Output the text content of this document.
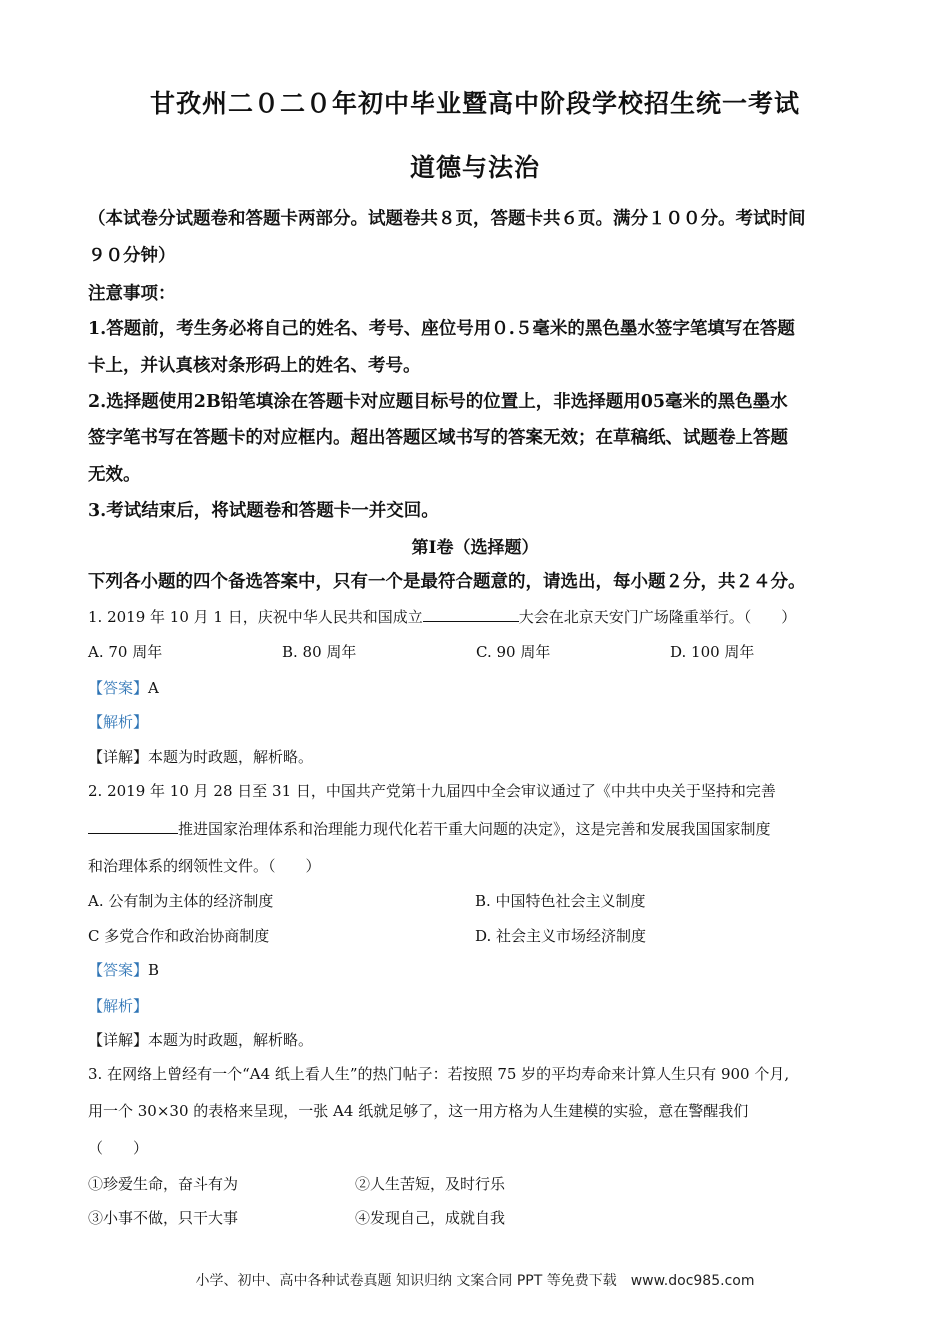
甘孜州二０二０年初中毕业暨高中阶段学校招生统一考试
道德与法治
（本试卷分试题卷和答题卡两部分。试题卷共８页，答题卡共６页。满分１００分。考试时间
９０分钟）
注意事项：
1.答题前，考生务必将自己的姓名、考号、座位号用０.５毫米的黑色墨水签字笔填写在答题
卡上，并认真核对条形码上的姓名、考号。
2.选择题使用2B铅笔填涂在答题卡对应题目标号的位置上，非选择题用05毫米的黑色墨水
签字笔书写在答题卡的对应框内。超出答题区域书写的答案无效；在草稿纸、试题卷上答题
无效。
3.考试结束后，将试题卷和答题卡一并交回。
第Ⅰ卷（选择题）
下列各小题的四个备选答案中，只有一个是最符合题意的，请选出，每小题２分，共２４分。
1. 2019 年 10 月 1 日，庆祝中华人民共和国成立	大会在北京天安门广场隆重举行。（　　）
A. 70 周年	B. 80 周年	C. 90 周年	D. 100 周年
【答案】A
【解析】
【详解】本题为时政题，解析略。
2. 2019 年 10 月 28 日至 31 日，中国共产党第十九届四中全会审议通过了《中共中央关于坚持和完善
推进国家治理体系和治理能力现代化若干重大问题的决定》，这是完善和发展我国国家制度
和治理体系的纲领性文件。（　　）
A. 公有制为主体的经济制度	B. 中国特色社会主义制度
C 多党合作和政治协商制度	D. 社会主义市场经济制度
【答案】B
【解析】
【详解】本题为时政题，解析略。
3. 在网络上曾经有一个“A4 纸上看人生”的热门帖子：若按照 75 岁的平均寿命来计算人生只有 900 个月,
用一个 30×30 的表格来呈现，一张 A4 纸就足够了，这一用方格为人生建模的实验，意在警醒我们
（　　）
①珍爱生命，奋斗有为	②人生苦短，及时行乐
③小事不做，只干大事	④发现自己，成就自我
小学、初中、高中各种试卷真题 知识归纳 文案合同 PPT 等免费下载　www.doc985.com
